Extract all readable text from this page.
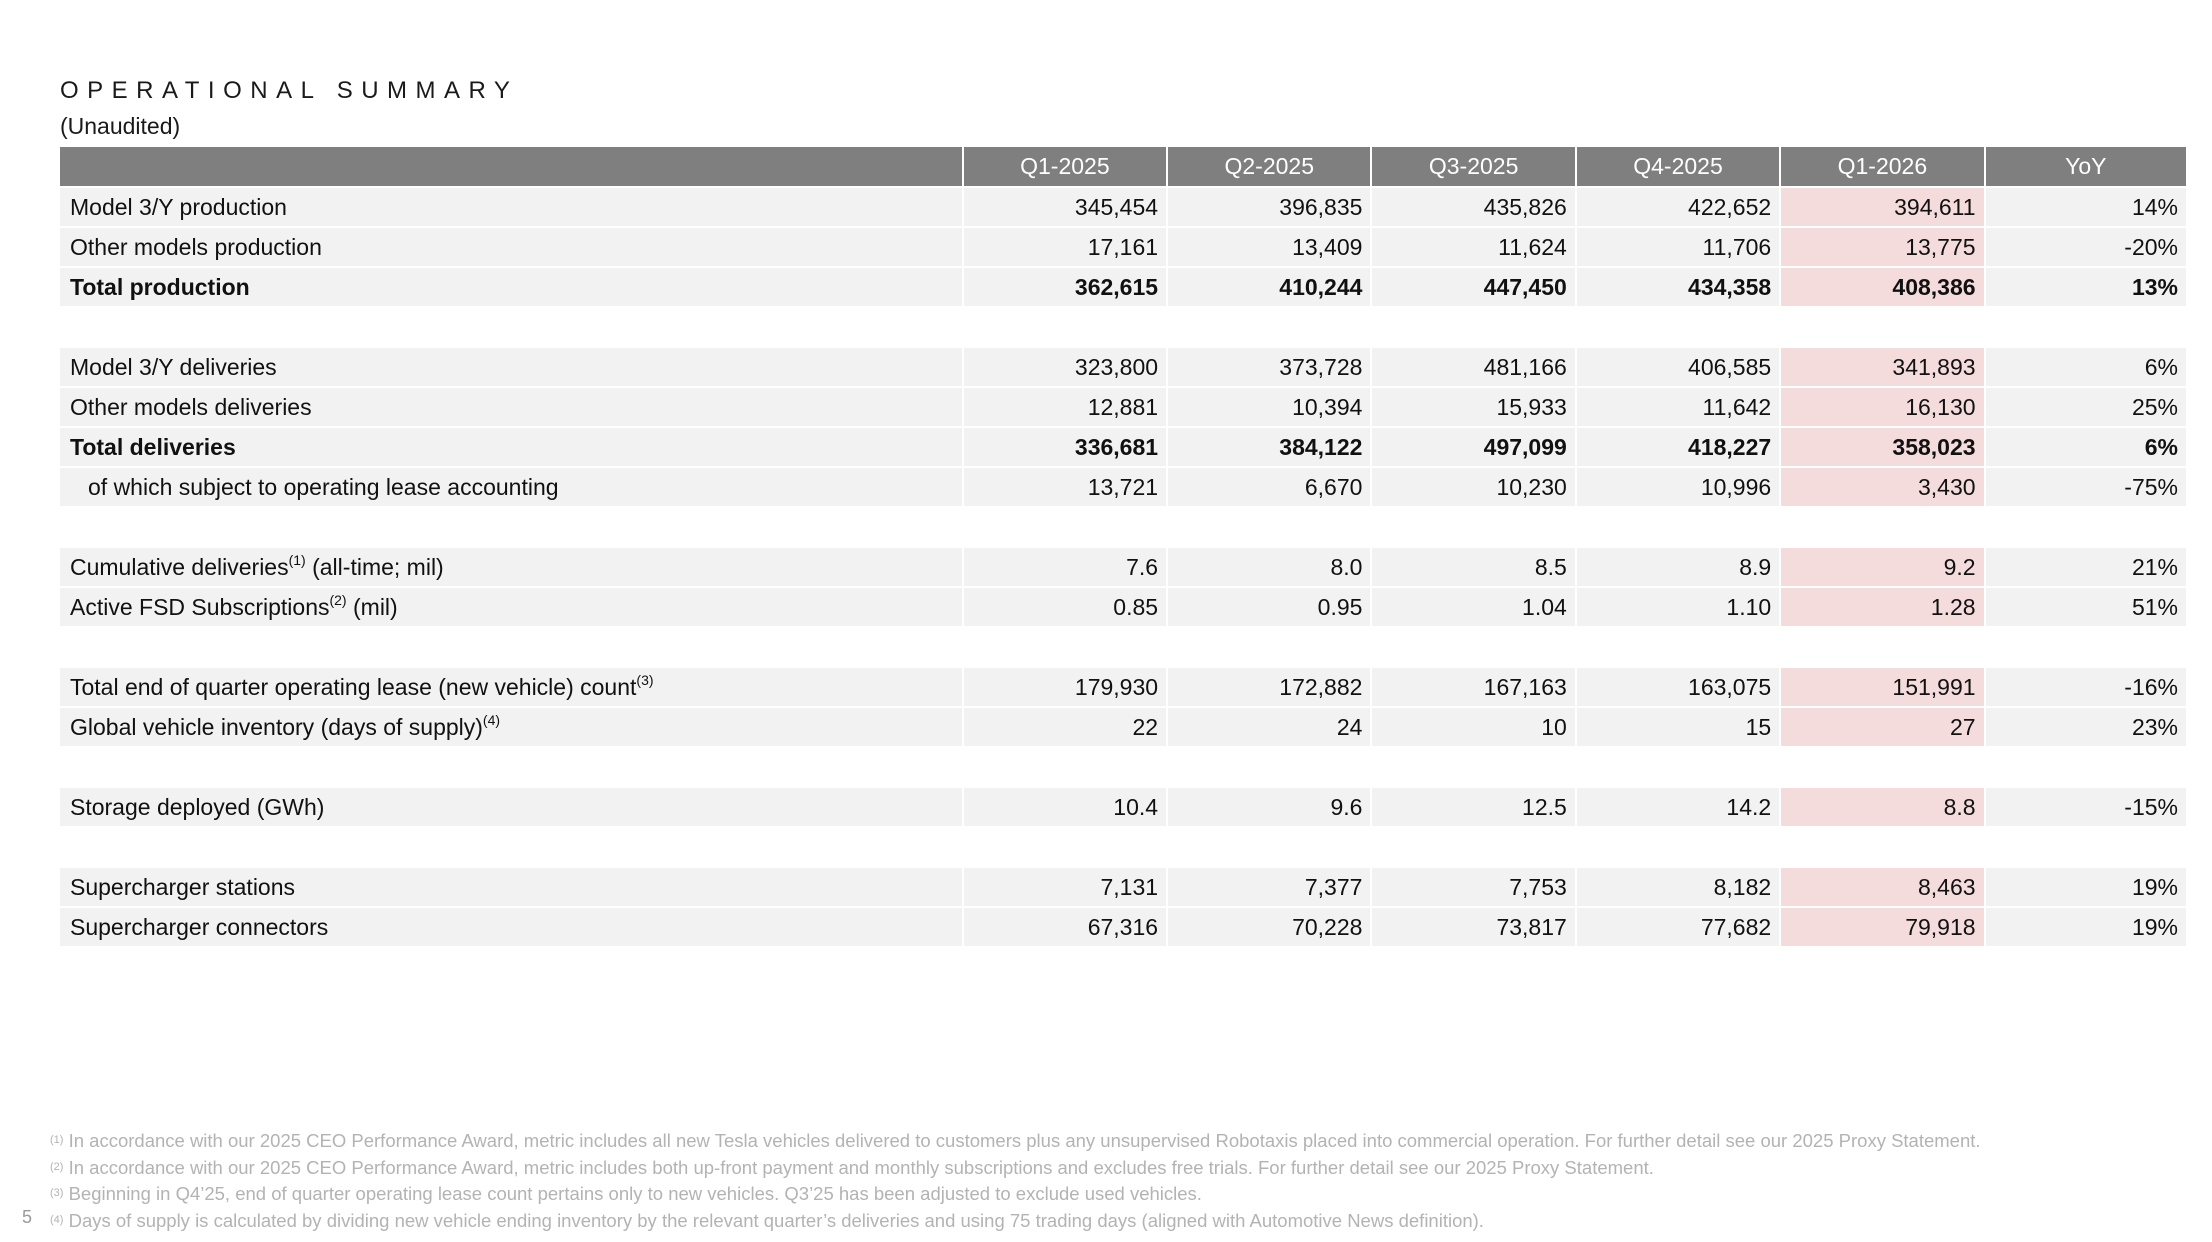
OPERATIONAL SUMMARY
(Unaudited)
	Q1-2025	Q2-2025	Q3-2025	Q4-2025	Q1-2026	YoY
Model 3/Y production	345,454	396,835	435,826	422,652	394,611	14%
Other models production	17,161	13,409	11,624	11,706	13,775	-20%
Total production	362,615	410,244	447,450	434,358	408,386	13%

Model 3/Y deliveries	323,800	373,728	481,166	406,585	341,893	6%
Other models deliveries	12,881	10,394	15,933	11,642	16,130	25%
Total deliveries	336,681	384,122	497,099	418,227	358,023	6%
of which subject to operating lease accounting	13,721	6,670	10,230	10,996	3,430	-75%

Cumulative deliveries$^{(1)}$ (all-time; mil)	7.6	8.0	8.5	8.9	9.2	21%
Active FSD Subscriptions$^{(2)}$ (mil)	0.85	0.95	1.04	1.10	1.28	51%

Total end of quarter operating lease (new vehicle) count$^{(3)}$	179,930	172,882	167,163	163,075	151,991	-16%
Global vehicle inventory (days of supply)$^{(4)}$	22	24	10	15	27	23%

Storage deployed (GWh)	10.4	9.6	12.5	14.2	8.8	-15%

Supercharger stations	7,131	7,377	7,753	8,182	8,463	19%
Supercharger connectors	67,316	70,228	73,817	77,682	79,918	19%
$^{(1)}$ In accordance with our 2025 CEO Performance Award, metric includes all new Tesla vehicles delivered to customers plus any unsupervised Robotaxis placed into commercial operation. For further detail see our 2025 Proxy Statement.
$^{(2)}$ In accordance with our 2025 CEO Performance Award, metric includes both up-front payment and monthly subscriptions and excludes free trials. For further detail see our 2025 Proxy Statement.
$^{(3)}$ Beginning in Q4’25, end of quarter operating lease count pertains only to new vehicles. Q3’25 has been adjusted to exclude used vehicles.
$^{(4)}$ Days of supply is calculated by dividing new vehicle ending inventory by the relevant quarter’s deliveries and using 75 trading days (aligned with Automotive News definition).
5
